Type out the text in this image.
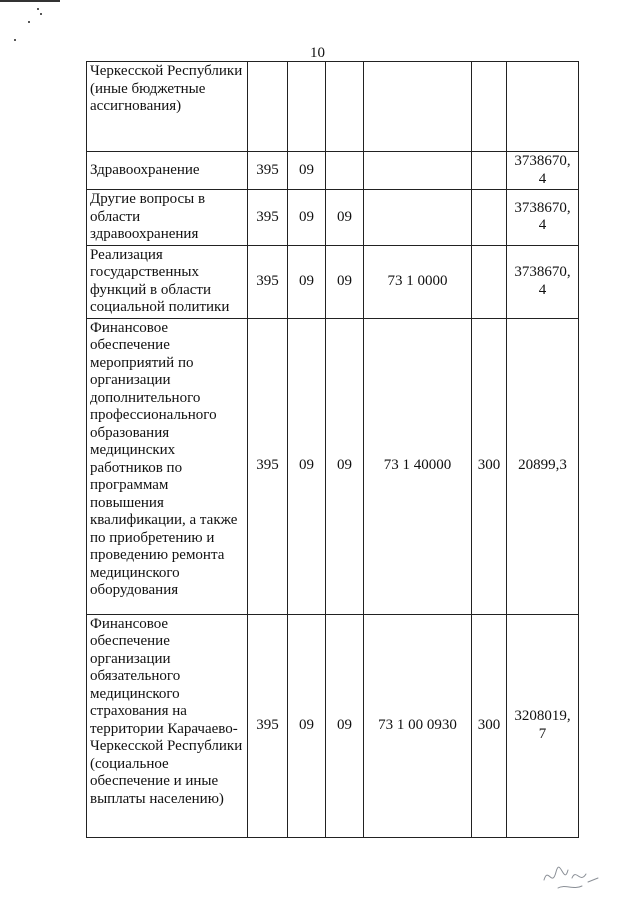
10
Черкесской Республики (иные бюджетные ассигнования)						
Здравоохранение	395	09				3738670,4
Другие вопросы в области здравоохранения	395	09	09			3738670,4
Реализация государственных функций в области социальной политики	395	09	09	73 1 0000		3738670,4
Финансовое обеспечение мероприятий по организации дополнительного профессионального образования медицинских работников по программам повышения квалификации, а также по приобретению и проведению ремонта медицинского оборудования	395	09	09	73 1 40000	300	20899,3
Финансовое обеспечение организации обязательного медицинского страхования на территории Карачаево-Черкесской Республики (социальное обеспечение и иные выплаты населению)	395	09	09	73 1 00 0930	300	3208019,7
